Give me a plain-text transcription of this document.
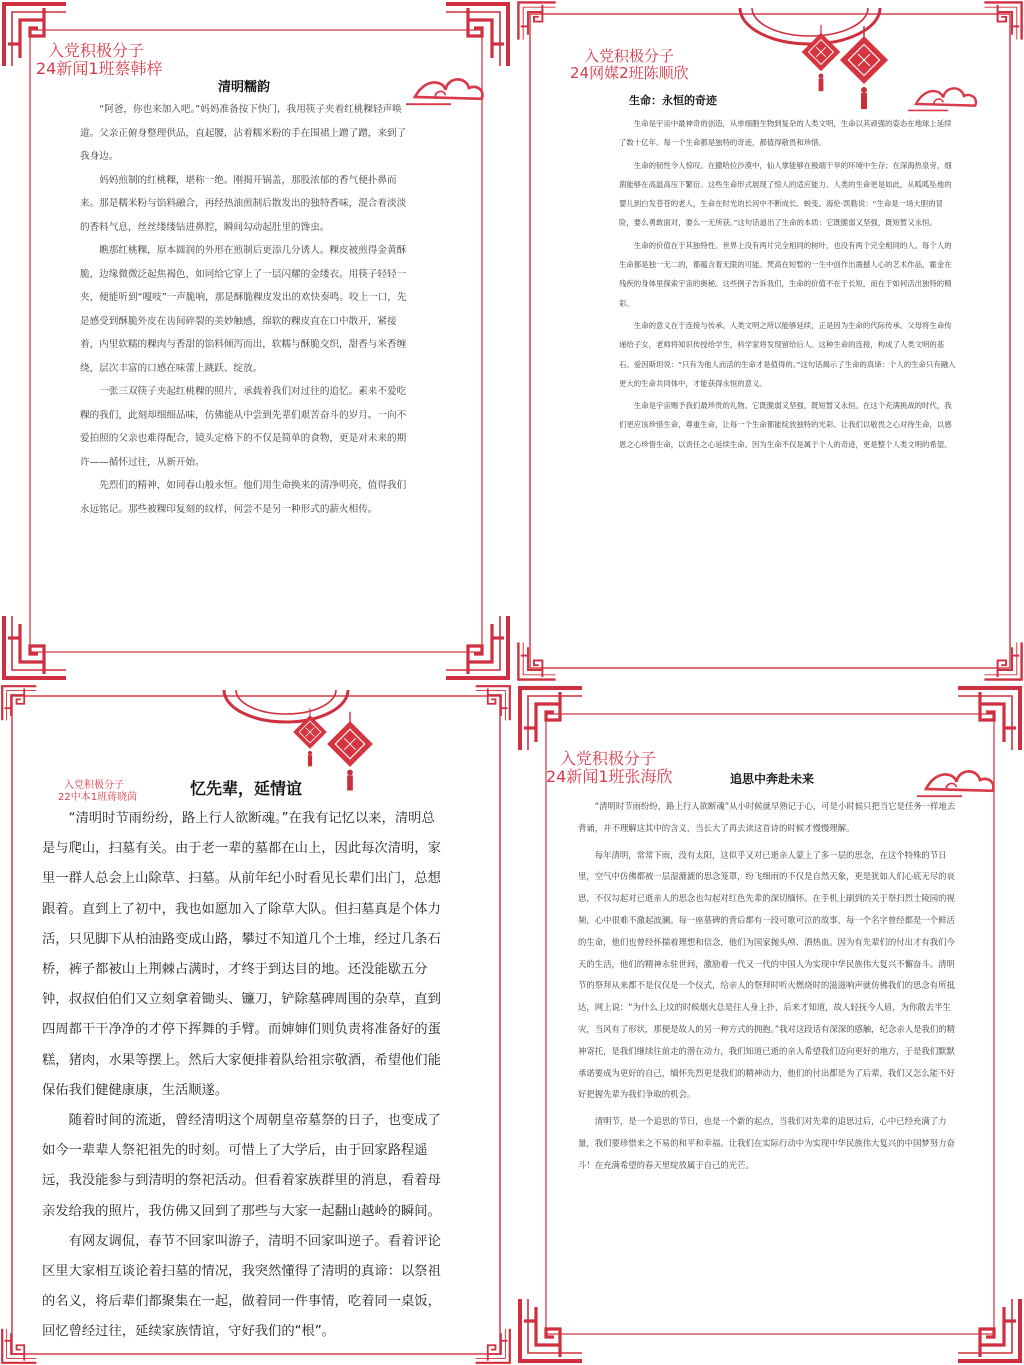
入党积极分子
24新闻1班蔡韩梓
清明糯韵

“阿爸，你也来加入吧。”妈妈准备按下快门，我用筷子夹着红桃粿轻声唤道。父亲正俯身整理供品，直起腰，沾着糯米粉的手在围裙上蹭了蹭，来到了我身边。

妈妈煎制的红桃粿，堪称一绝。刚揭开锅盖，那股浓郁的香气便扑鼻而来。那是糯米粉与馅料融合，再经热油煎制后散发出的独特香味，混合着淡淡的香料气息，丝丝缕缕钻进鼻腔，瞬间勾动起肚里的馋虫。

瞧那红桃粿，原本圆润的外形在煎制后更添几分诱人。粿皮被煎得金黄酥脆，边缘微微泛起焦褐色，如同给它穿上了一层闪耀的金缕衣。用筷子轻轻一夹，便能听到“嘎吱”一声脆响，那是酥脆粿皮发出的欢快奏鸣。咬上一口，先是感受到酥脆外皮在齿间碎裂的美妙触感，绵软的粿皮直在口中散开，紧接着，内里软糯的粿肉与香甜的馅料倾泻而出，软糯与酥脆交织，甜香与米香缠绕，层次丰富的口感在味蕾上跳跃、绽放。

一张三双筷子夹起红桃粿的照片，承载着我们对过往的追忆。素来不爱吃粿的我们，此刻却细细品味，仿佛能从中尝到先辈们艰苦奋斗的岁月。一向不爱拍照的父亲也难得配合，镜头定格下的不仅是简单的食物，更是对未来的期许——循怀过往，从新开始。

先烈们的精神，如同春山般永恒。他们用生命换来的清净明亮，值得我们永远铭记。那些被粿印复刻的纹样，何尝不是另一种形式的薪火相传。

入党积极分子
24网媒2班陈顺欣
生命：永恒的奇迹

生命是宇宙中最神奇的创造，从单细胞生物到复杂的人类文明，生命以其顽强的姿态在地球上延续了数十亿年。每一个生命都是独特的奇迹，都值得敬畏和珍惜。

生命的韧性令人惊叹。在撒哈拉沙漠中，仙人掌能够在极端干旱的环境中生存；在深海热泉旁，细菌能够在高温高压下繁衍。这些生命形式展现了惊人的适应能力。人类的生命更是如此，从呱呱坠地的婴儿到白发苍苍的老人，生命在时光的长河中不断成长、蜕变。海伦·凯勒说：“生命是一场大胆的冒险，要么勇敢面对，要么一无所获。”这句话道出了生命的本质：它既脆弱又坚强，既短暂又永恒。

生命的价值在于其独特性。世界上没有两片完全相同的树叶，也没有两个完全相同的人。每个人的生命都是独一无二的，都蕴含着无限的可能。梵高在短暂的一生中创作出震撼人心的艺术作品，霍金在残疾的身体里探索宇宙的奥秘。这些例子告诉我们，生命的价值不在于长短，而在于如何活出独特的精彩。

生命的意义在于连接与传承。人类文明之所以能够延续，正是因为生命的代际传承。父母将生命传递给子女，老师将知识传授给学生，科学家将发现留给后人。这种生命的连接，构成了人类文明的基石。爱因斯坦说：“只有为他人而活的生命才是值得的。”这句话揭示了生命的真谛：个人的生命只有融入更大的生命共同体中，才能获得永恒的意义。

生命是宇宙赐予我们最珍贵的礼物。它既脆弱又坚强，既短暂又永恒。在这个充满挑战的时代，我们更应该珍惜生命，尊重生命，让每一个生命都能绽放独特的光彩。让我们以敬畏之心对待生命，以感恩之心珍惜生命，以责任之心延续生命。因为生命不仅是属于个人的奇迹，更是整个人类文明的希望。

入党积极分子
22中本1班蒋晓茵	忆先辈，延情谊

“清明时节雨纷纷，路上行人欲断魂。”在我有记忆以来，清明总是与爬山，扫墓有关。由于老一辈的墓都在山上，因此每次清明，家里一群人总会上山除草、扫墓。从前年纪小时看见长辈们出门，总想跟着。直到上了初中，我也如愿加入了除草大队。但扫墓真是个体力活，只见脚下从柏油路变成山路，攀过不知道几个土堆，经过几条石桥，裤子都被山上荆棘占满时，才终于到达目的地。还没能歇五分钟，叔叔伯伯们又立刻拿着锄头、镰刀，铲除墓碑周围的杂草，直到四周都干干净净的才停下挥舞的手臂。而婶婶们则负责将准备好的蛋糕，猪肉，水果等摆上。然后大家便排着队给祖宗敬酒，希望他们能保佑我们健健康康，生活顺遂。

随着时间的流逝，曾经清明这个周朝皇帝墓祭的日子，也变成了如今一辈辈人祭祀祖先的时刻。可惜上了大学后，由于回家路程遥远，我没能参与到清明的祭祀活动。但看着家族群里的消息，看着母亲发给我的照片，我仿佛又回到了那些与大家一起翻山越岭的瞬间。

有网友调侃，春节不回家叫游子，清明不回家叫逆子。看着评论区里大家相互谈论着扫墓的情况，我突然懂得了清明的真谛：以祭祖的名义，将后辈们都聚集在一起，做着同一件事情，吃着同一桌饭，回忆曾经过往，延续家族情谊，守好我们的“根”。

入党积极分子
24新闻1班张海欣	追思中奔赴未来

“清明时节雨纷纷，路上行人欲断魂”从小时候就早熟记于心，可是小时候只把当它是任务一样地去背诵，并不理解这其中的含义，当长大了再去读这首诗的时候才慢慢理解。

每年清明，常常下雨，没有太阳，这似乎又对已逝亲人蒙上了多一层的思念，在这个特殊的节日里，空气中仿佛都被一层湿漉漉的思念笼罩，纷飞细雨的不仅是自然天象，更是犹如人们心底无尽的哀思，不仅勾起对已逝亲人的思念也勾起对红色先辈的深切缅怀。在手机上刷到的关于祭扫烈士陵园的视频，心中很难不激起波澜。每一座墓碑的背后都有一段可歌可泣的故事，每一个名字曾经都是一个鲜活的生命，他们也曾经怀揣着理想和信念，他们为国家抛头颅、洒热血。因为有先辈们的付出才有我们今天的生活，他们的精神永驻世间，激励着一代又一代的中国人为实现中华民族伟大复兴不懈奋斗。清明节的祭拜从来都不是仅仅是一个仪式，给亲人的祭拜时听火燃烧时的滋滋响声就仿佛我们的思念有所抵达，网上说：“为什么上坟的时候烟火总是往人身上扑，后来才知道，故人轻抚今人眉，为你散去半生灾，当风有了形状，那便是故人的另一种方式的拥抱。”我对这段话有深深的感触，纪念亲人是我们的精神寄托，是我们继续往前走的潜在动力，我们知道已逝的亲人希望我们迈向更好的地方，于是我们默默承诺要成为更好的自己，缅怀先烈更是我们的精神动力，他们的付出都是为了后辈，我们又怎么能不好好把握先辈为我们争取的机会。

清明节，是一个追思的节日，也是一个新的起点，当我们对先辈的追思过后，心中已经充满了力量，我们要珍惜来之不易的和平和幸福。让我们在实际行动中为实现中华民族伟大复兴的中国梦努力奋斗！在充满希望的春天里绽放属于自己的光芒。
